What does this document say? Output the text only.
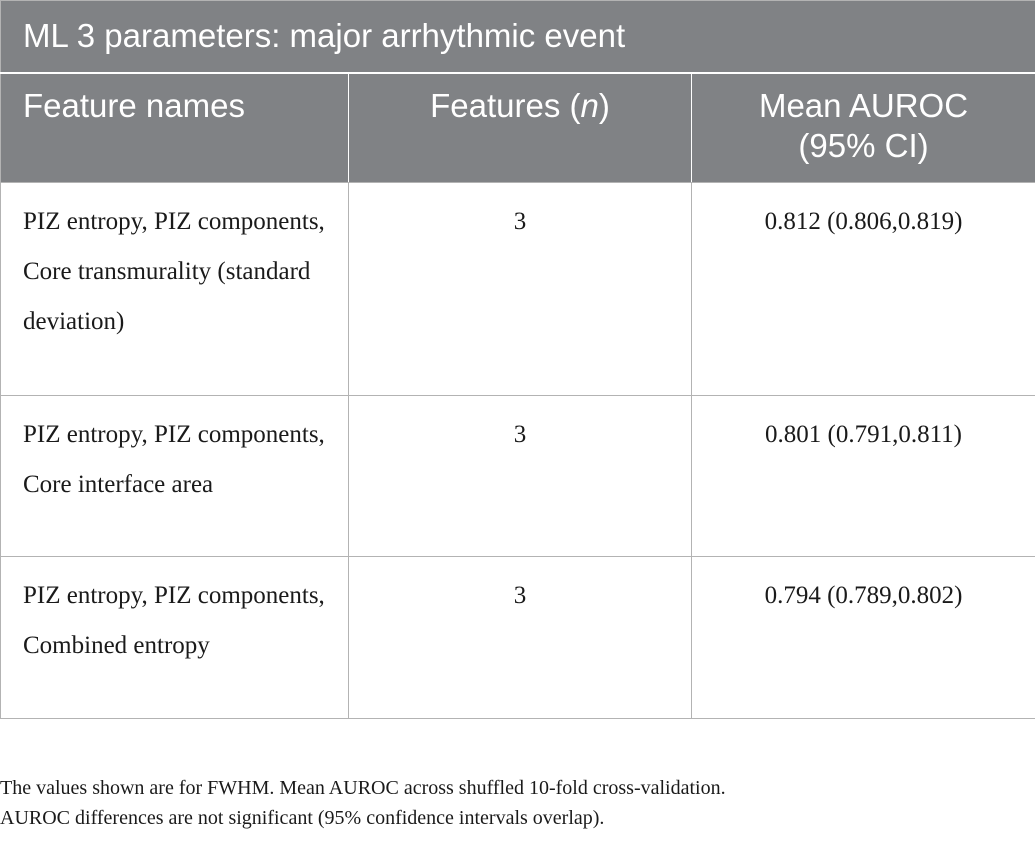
ML 3 parameters: major arrhythmic event		
Feature names	Features (n)	Mean AUROC
(95% CI)
PIZ entropy, PIZ components, Core transmurality (standard deviation)	3	0.812 (0.806,0.819)
PIZ entropy, PIZ components, Core interface area	3	0.801 (0.791,0.811)
PIZ entropy, PIZ components, Combined entropy	3	0.794 (0.789,0.802)

The values shown are for FWHM. Mean AUROC across shuffled 10-fold cross-validation.
AUROC differences are not significant (95% confidence intervals overlap).
